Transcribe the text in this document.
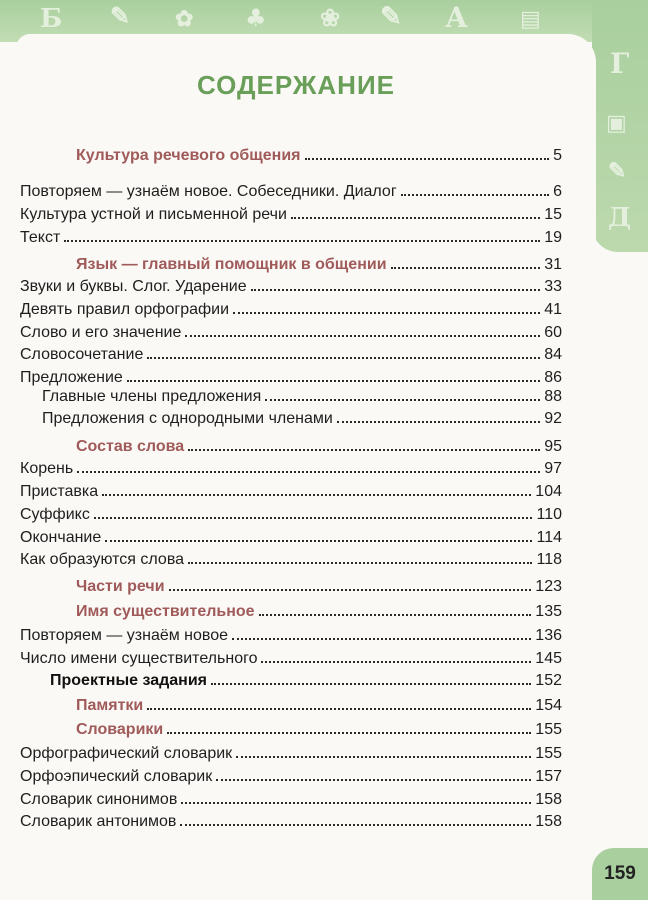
Б ✎ ✿ ♣ ❀ ✎ А ▤
Г
▣
✎
Д
СОДЕРЖАНИЕ
Культура речевого общения	5
Повторяем — узнаём новое. Собеседники. Диалог	6
Культура устной и письменной речи	15
Текст	19
Язык — главный помощник в общении	31
Звуки и буквы. Слог. Ударение	33
Девять правил орфографии	41
Слово и его значение	60
Словосочетание	84
Предложение	86
Главные члены предложения	88
Предложения с однородными членами	92
Состав слова	95
Корень	97
Приставка	104
Суффикс	110
Окончание	114
Как образуются слова	118
Части речи	123
Имя существительное	135
Повторяем — узнаём новое	136
Число имени существительного	145
Проектные задания	152
Памятки	154
Словарики	155
Орфографический словарик	155
Орфоэпический словарик	157
Словарик синонимов	158
Словарик антонимов	158
159
